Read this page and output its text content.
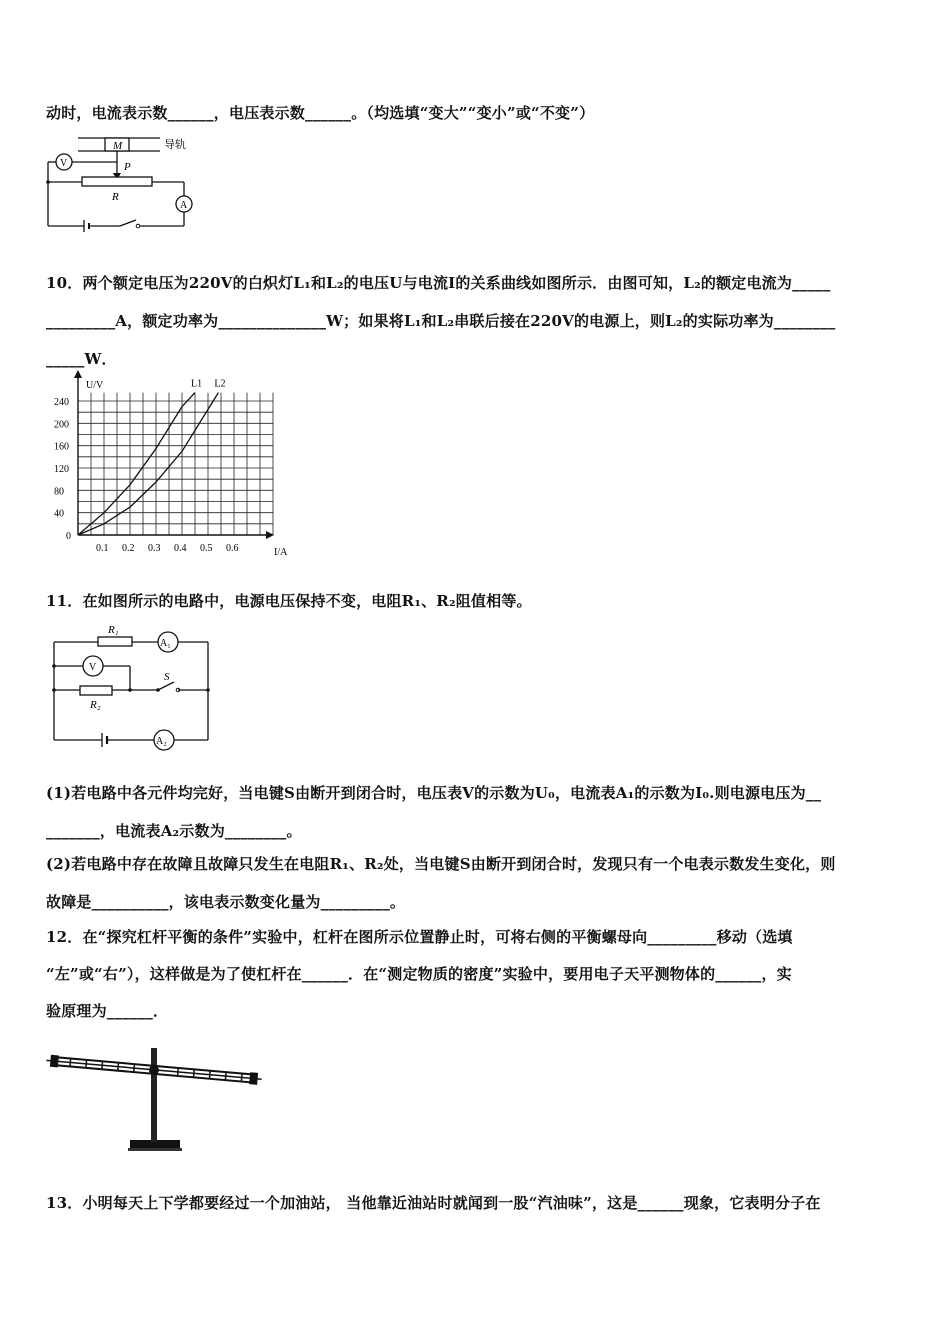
动时，电流表示数______，电压表示数______。（均选填“变大”“变小”或“不变”）
M	导轨
P
V
R
A
10．两个额定电压为220V的白炽灯L₁和L₂的电压U与电流I的关系曲线如图所示．由图可知，L₂的额定电流为_____
_________A，额定功率为______________W；如果将L₁和L₂串联后接在220V的电源上，则L₂的实际功率为________
_____W．
0.1 0.2 0.3 0.4 0.5 0.6
40
80
120
160
200
240
0
I/A
U/V	L1 L2
11．在如图所示的电路中，电源电压保持不变，电阻R₁、R₂阻值相等。
R₁
A₁
V
R₂
S
A₂
(1)若电路中各元件均完好，当电键S由断开到闭合时，电压表V的示数为U₀，电流表A₁的示数为I₀.则电源电压为__
_______，电流表A₂示数为________。
(2)若电路中存在故障且故障只发生在电阻R₁、R₂处，当电键S由断开到闭合时，发现只有一个电表示数发生变化，则
故障是__________，该电表示数变化量为_________。
12．在“探究杠杆平衡的条件”实验中，杠杆在图所示位置静止时，可将右侧的平衡螺母向_________移动（选填
“左”或“右”），这样做是为了使杠杆在______．在“测定物质的密度”实验中，要用电子天平测物体的______，实
验原理为______．
13．小明每天上下学都要经过一个加油站， 当他靠近油站时就闻到一股“汽油味”，这是______现象，它表明分子在
